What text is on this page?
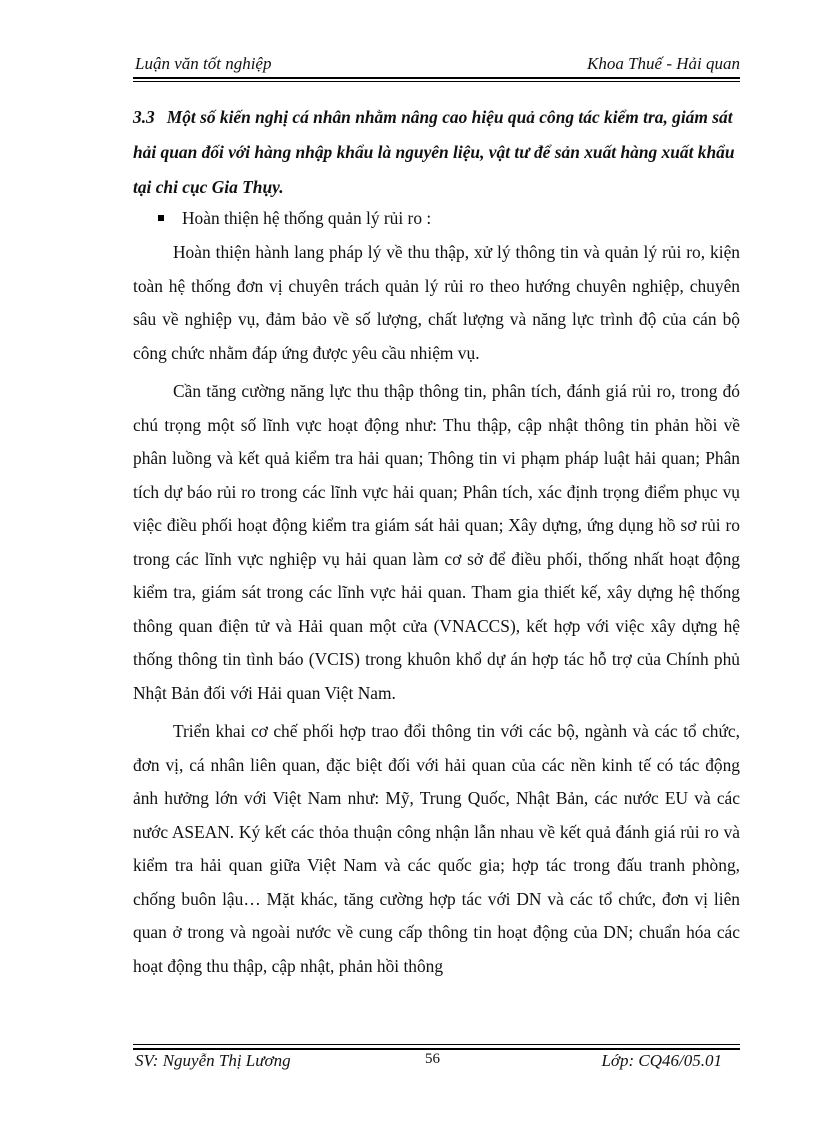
Luận văn tốt nghiệp	Khoa Thuế - Hải quan
3.3 Một số kiến nghị cá nhân nhằm nâng cao hiệu quả công tác kiểm tra, giám sát hải quan đối với hàng nhập khẩu là nguyên liệu, vật tư để sản xuất hàng xuất khẩu tại chi cục Gia Thụy.
Hoàn thiện hệ thống quản lý rủi ro :

Hoàn thiện hành lang pháp lý về thu thập, xử lý thông tin và quản lý rủi ro, kiện toàn hệ thống đơn vị chuyên trách quản lý rủi ro theo hướng chuyên nghiệp, chuyên sâu về nghiệp vụ, đảm bảo về số lượng, chất lượng và năng lực trình độ của cán bộ công chức nhằm đáp ứng được yêu cầu nhiệm vụ.

Cần tăng cường năng lực thu thập thông tin, phân tích, đánh giá rủi ro, trong đó chú trọng một số lĩnh vực hoạt động như: Thu thập, cập nhật thông tin phản hồi về phân luồng và kết quả kiểm tra hải quan; Thông tin vi phạm pháp luật hải quan; Phân tích dự báo rủi ro trong các lĩnh vực hải quan; Phân tích, xác định trọng điểm phục vụ việc điều phối hoạt động kiểm tra giám sát hải quan; Xây dựng, ứng dụng hồ sơ rủi ro trong các lĩnh vực nghiệp vụ hải quan làm cơ sở để điều phối, thống nhất hoạt động kiểm tra, giám sát trong các lĩnh vực hải quan. Tham gia thiết kế, xây dựng hệ thống thông quan điện tử và Hải quan một cửa (VNACCS), kết hợp với việc xây dựng hệ thống thông tin tình báo (VCIS) trong khuôn khổ dự án hợp tác hỗ trợ của Chính phủ Nhật Bản đối với Hải quan Việt Nam.

Triển khai cơ chế phối hợp trao đổi thông tin với các bộ, ngành và các tổ chức, đơn vị, cá nhân liên quan, đặc biệt đối với hải quan của các nền kinh tế có tác động ảnh hưởng lớn với Việt Nam như: Mỹ, Trung Quốc, Nhật Bản, các nước EU và các nước ASEAN. Ký kết các thỏa thuận công nhận lẫn nhau về kết quả đánh giá rủi ro và kiểm tra hải quan giữa Việt Nam và các quốc gia; hợp tác trong đấu tranh phòng, chống buôn lậu… Mặt khác, tăng cường hợp tác với DN và các tổ chức, đơn vị liên quan ở trong và ngoài nước về cung cấp thông tin hoạt động của DN; chuẩn hóa các hoạt động thu thập, cập nhật, phản hồi thông

SV: Nguyễn Thị Lương	56	Lớp: CQ46/05.01
